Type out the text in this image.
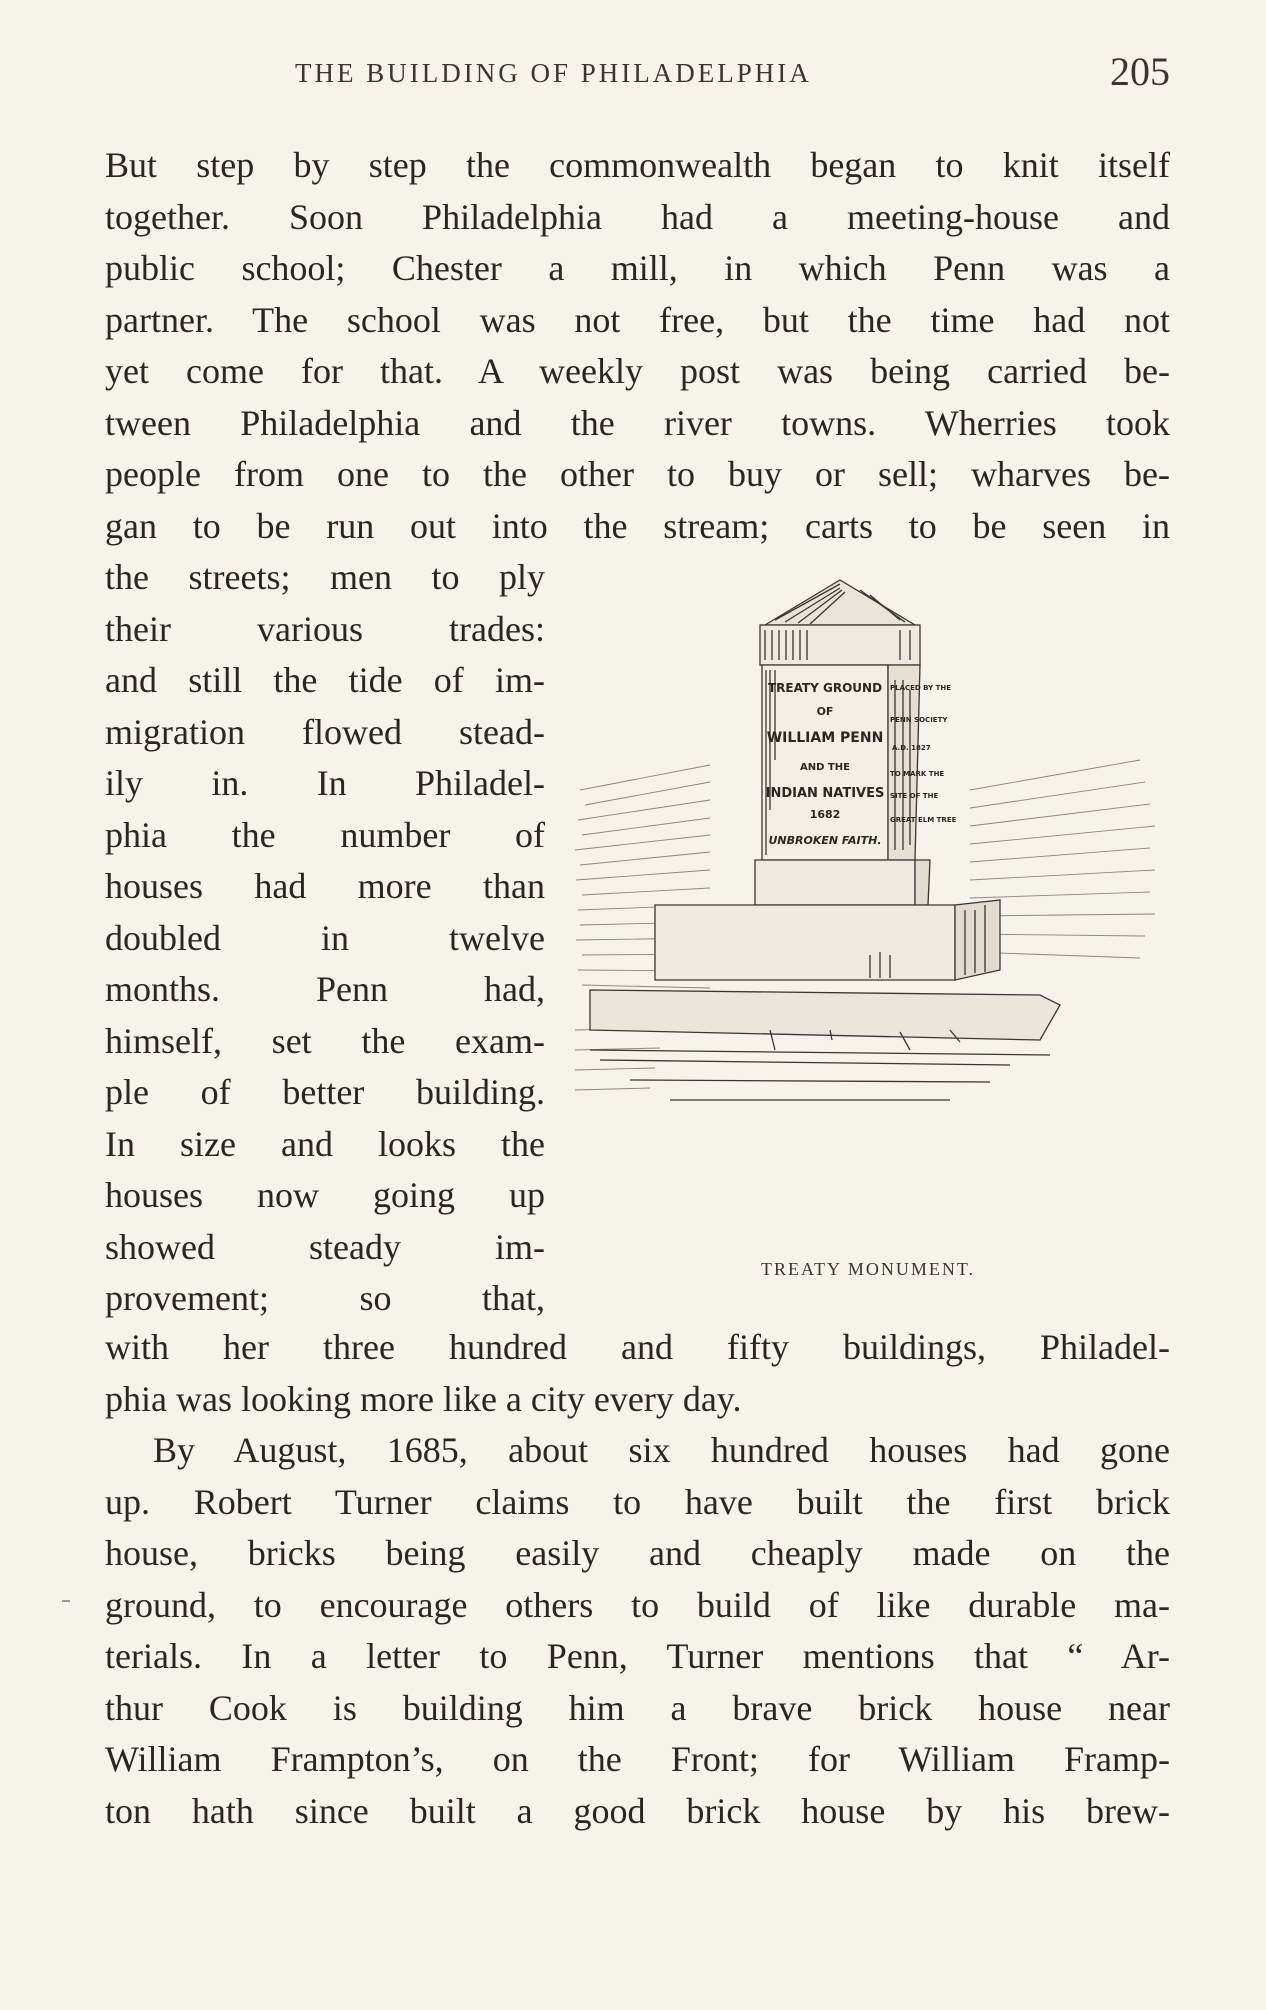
THE BUILDING OF PHILADELPHIA	205
But step by step the commonwealth began to knit itself
together. Soon Philadelphia had a meeting-house and
public school; Chester a mill, in which Penn was a
partner. The school was not free, but the time had not
yet come for that. A weekly post was being carried be-
tween Philadelphia and the river towns. Wherries took
people from one to the other to buy or sell; wharves be-
gan to be run out into the stream; carts to be seen in
the streets; men to ply
their various trades:
and still the tide of im-
migration flowed stead-
ily in. In Philadel-
phia the number of
houses had more than
doubled in twelve
months. Penn had,
himself, set the exam-
ple of better building.
In size and looks the
houses now going up
showed steady im-
provement; so that,
TREATY GROUND
OF
WILLIAM PENN
AND THE
INDIAN NATIVES
1682
UNBROKEN FAITH.
PLACED BY THE
PENN SOCIETY
A.D. 1827
TO MARK THE
SITE OF THE
GREAT ELM TREE
TREATY MONUMENT.
with her three hundred and fifty buildings, Philadel-
phia was looking more like a city every day.
By August, 1685, about six hundred houses had gone
up. Robert Turner claims to have built the first brick
house, bricks being easily and cheaply made on the
ground, to encourage others to build of like durable ma-
terials. In a letter to Penn, Turner mentions that “ Ar-
thur Cook is building him a brave brick house near
William Frampton’s, on the Front; for William Framp-
ton hath since built a good brick house by his brew-
